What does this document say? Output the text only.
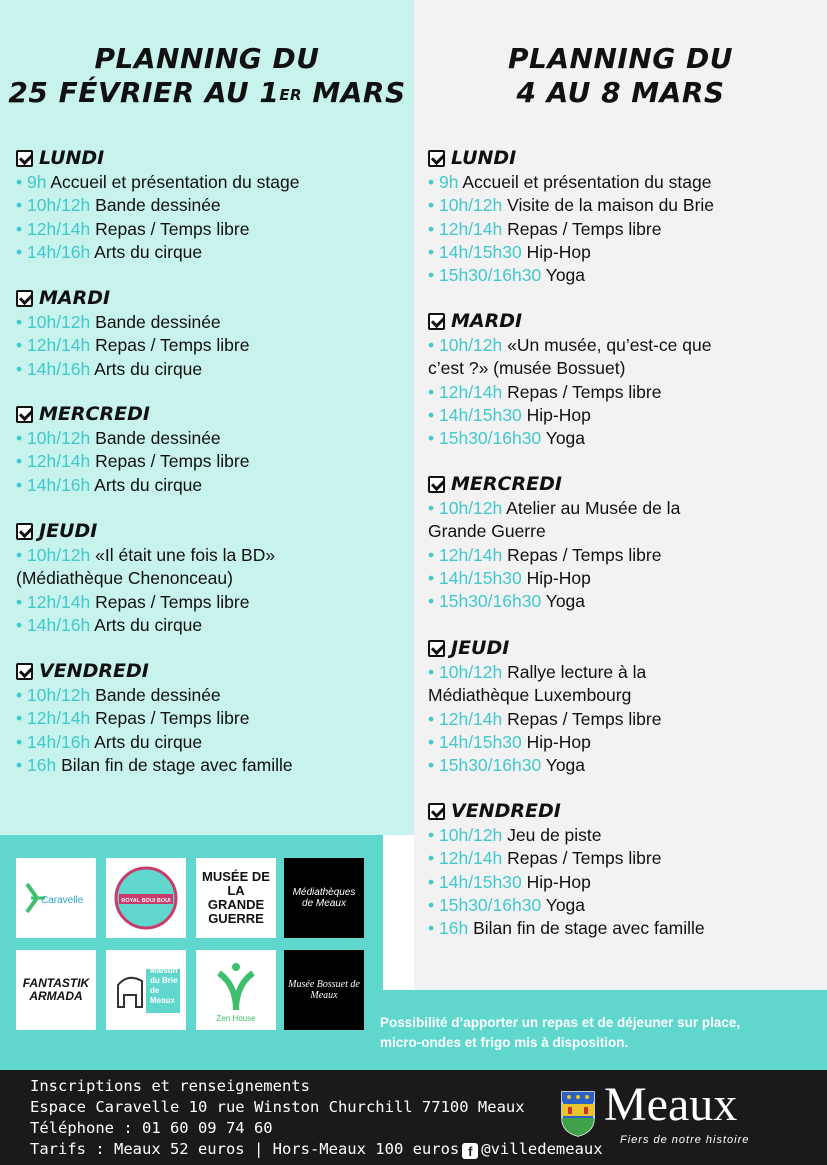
PLANNING DU
25 FÉVRIER AU 1ER MARS
PLANNING DU
4 AU 8 MARS
LUNDI
• 9h Accueil et présentation du stage
• 10h/12h Bande dessinée
• 12h/14h Repas / Temps libre
• 14h/16h Arts du cirque
MARDI
• 10h/12h Bande dessinée
• 12h/14h Repas / Temps libre
• 14h/16h Arts du cirque
MERCREDI
• 10h/12h Bande dessinée
• 12h/14h Repas / Temps libre
• 14h/16h Arts du cirque
JEUDI
• 10h/12h «Il était une fois la BD» (Médiathèque Chenonceau)
• 12h/14h Repas / Temps libre
• 14h/16h Arts du cirque
VENDREDI
• 10h/12h Bande dessinée
• 12h/14h Repas / Temps libre
• 14h/16h Arts du cirque
• 16h Bilan fin de stage avec famille
LUNDI
• 9h Accueil et présentation du stage
• 10h/12h Visite de la maison du Brie
• 12h/14h Repas / Temps libre
• 14h/15h30 Hip-Hop
• 15h30/16h30 Yoga
MARDI
• 10h/12h «Un musée, qu’est-ce que c’est ?» (musée Bossuet)
• 12h/14h Repas / Temps libre
• 14h/15h30 Hip-Hop
• 15h30/16h30 Yoga
MERCREDI
• 10h/12h Atelier au Musée de la Grande Guerre
• 12h/14h Repas / Temps libre
• 14h/15h30 Hip-Hop
• 15h30/16h30 Yoga
JEUDI
• 10h/12h Rallye lecture à la Médiathèque Luxembourg
• 12h/14h Repas / Temps libre
• 14h/15h30 Hip-Hop
• 15h30/16h30 Yoga
VENDREDI
• 10h/12h Jeu de piste
• 12h/14h Repas / Temps libre
• 14h/15h30 Hip-Hop
• 15h30/16h30 Yoga
• 16h Bilan fin de stage avec famille
Caravelle	ROYAL BOUI BOUI
MUSÉE DE LA GRANDE GUERRE
Médiathèques de Meaux
FANTASTIK ARMADA
Maison du Brie de Meaux
Zen House
Musée Bossuet de Meaux
Possibilité d’apporter un repas et de déjeuner sur place,
micro-ondes et frigo mis à disposition.
Inscriptions et renseignements
Espace Caravelle 10 rue Winston Churchill 77100 Meaux
Téléphone : 01 60 09 74 60
Tarifs : Meaux 52 euros | Hors-Meaux 100 euros f @villedemeaux
Meaux
Fiers de notre histoire
